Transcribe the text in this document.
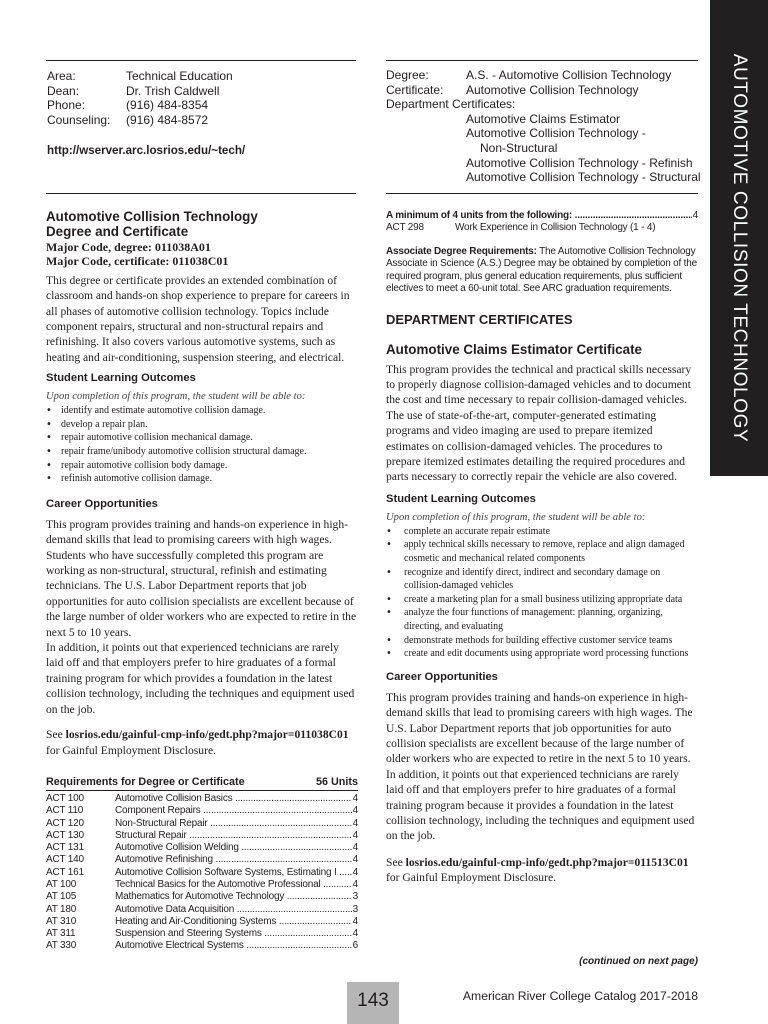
AUTOMOTIVE COLLISION TECHNOLOGY
Area:	Technical Education
Dean:	Dr. Trish Caldwell
Phone:	(916) 484-8354
Counseling:	(916) 484-8572
http://wserver.arc.losrios.edu/~tech/
Degree:	A.S. - Automotive Collision Technology
Certificate:	Automotive Collision Technology
Department Certificates:
Automotive Claims Estimator
Automotive Collision Technology -
Non-Structural
Automotive Collision Technology - Refinish
Automotive Collision Technology - Structural
Automotive Collision Technology
Degree and Certificate
Major Code, degree: 011038A01
Major Code, certificate: 011038C01

This degree or certificate provides an extended combination of classroom and hands-on shop experience to prepare for careers in all phases of automotive collision technology. Topics include component repairs, structural and non-structural repairs and refinishing. It also covers various automotive systems, such as heating and air-conditioning, suspension steering, and electrical.

Student Learning Outcomes

Upon completion of this program, the student will be able to:

• identify and estimate automotive collision damage.
• develop a repair plan.
• repair automotive collision mechanical damage.
• repair frame/unibody automotive collision structural damage.
• repair automotive collision body damage.
• refinish automotive collision damage.
Career Opportunities

This program provides training and hands-on experience in high-demand skills that lead to promising careers with high wages. Students who have successfully completed this program are working as non-structural, structural, refinish and estimating technicians. The U.S. Labor Department reports that job opportunities for auto collision specialists are excellent because of the large number of older workers who are expected to retire in the next 5 to 10 years.

In addition, it points out that experienced technicians are rarely laid off and that employers prefer to hire graduates of a formal training program for which provides a foundation in the latest collision technology, including the techniques and equipment used on the job.

See losrios.edu/gainful-cmp-info/gedt.php?major=011038C01 for Gainful Employment Disclosure.

Requirements for Degree or Certificate	56 Units
ACT 100	Automotive Collision Basics .....	4
ACT 110	Component Repairs .....	4
ACT 120	Non-Structural Repair .....	4
ACT 130	Structural Repair .....	4
ACT 131	Automotive Collision Welding .....	4
ACT 140	Automotive Refinishing .....	4
ACT 161	Automotive Collision Software Systems, Estimating I .....	4
AT 100	Technical Basics for the Automotive Professional .....	4
AT 105	Mathematics for Automotive Technology .....	3
AT 180	Automotive Data Acquisition .....	3
AT 310	Heating and Air-Conditioning Systems .....	4
AT 311	Suspension and Steering Systems .....	4
AT 330	Automotive Electrical Systems .....	6
A minimum of 4 units from the following: .....	4
ACT 298	Work Experience in Collision Technology (1 - 4)

Associate Degree Requirements: The Automotive Collision Technology Associate in Science (A.S.) Degree may be obtained by completion of the required program, plus general education requirements, plus sufficient electives to meet a 60-unit total. See ARC graduation requirements.

DEPARTMENT CERTIFICATES
Automotive Claims Estimator Certificate

This program provides the technical and practical skills necessary to properly diagnose collision-damaged vehicles and to document the cost and time necessary to repair collision-damaged vehicles. The use of state-of-the-art, computer-generated estimating programs and video imaging are used to prepare itemized estimates on collision-damaged vehicles. The procedures to prepare itemized estimates detailing the required procedures and parts necessary to correctly repair the vehicle are also covered.

Student Learning Outcomes

Upon completion of this program, the student will be able to:

• complete an accurate repair estimate
• apply technical skills necessary to remove, replace and align damaged cosmetic and mechanical related components
• recognize and identify direct, indirect and secondary damage on collision-damaged vehicles
• create a marketing plan for a small business utilizing appropriate data
• analyze the four functions of management: planning, organizing, directing, and evaluating
• demonstrate methods for building effective customer service teams
• create and edit documents using appropriate word processing functions
Career Opportunities

This program provides training and hands-on experience in high-demand skills that lead to promising careers with high wages. The U.S. Labor Department reports that job opportunities for auto collision specialists are excellent because of the large number of older workers who are expected to retire in the next 5 to 10 years. In addition, it points out that experienced technicians are rarely laid off and that employers prefer to hire graduates of a formal training program because it provides a foundation in the latest collision technology, including the techniques and equipment used on the job.

See losrios.edu/gainful-cmp-info/gedt.php?major=011513C01 for Gainful Employment Disclosure.

(continued on next page)
143	American River College Catalog 2017-2018
